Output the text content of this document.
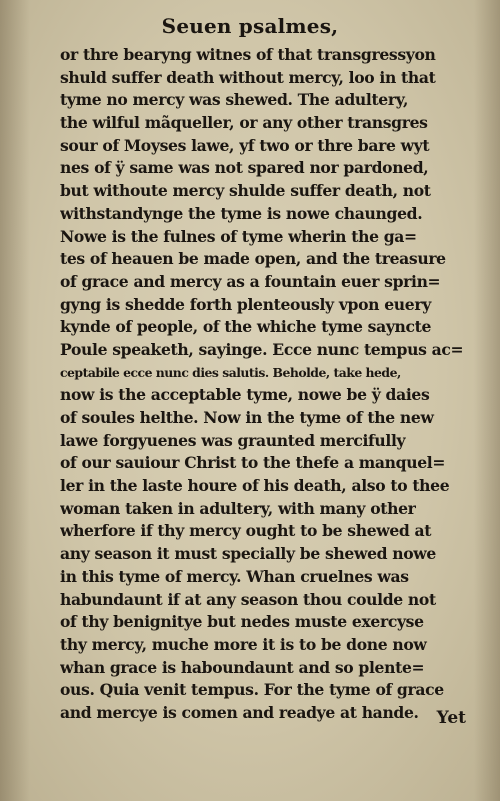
Seuen psalmes,
or thre bearyng witnes of that transgressyon
shuld suffer death without mercy, loo in that
tyme no mercy was shewed. The adultery,
the wilful mãqueller, or any other transgres
sour of Moyses lawe, yf two or thre bare wyt
nes of ÿ same was not spared nor pardoned,
but withoute mercy shulde suffer death, not
withstandynge the tyme is nowe chaunged.
Nowe is the fulnes of tyme wherin the ga=
tes of heauen be made open, and the treasure
of grace and mercy as a fountain euer sprin=
gyng is shedde forth plenteously vpon euery
kynde of people, of the whiche tyme sayncte
Poule speaketh, sayinge. Ecce nunc tempus ac=
ceptabile ecce nunc dies salutis. Beholde, take hede,
now is the acceptable tyme, nowe be ÿ daies
of soules helthe. Now in the tyme of the new
lawe forgyuenes was graunted mercifully
of our sauiour Christ to the thefe a manquel=
ler in the laste houre of his death, also to thee
woman taken in adultery, with many other
wherfore if thy mercy ought to be shewed at
any season it must specially be shewed nowe
in this tyme of mercy. Whan cruelnes was
habundaunt if at any season thou coulde not
of thy benignitye but nedes muste exercyse
thy mercy, muche more it is to be done now
whan grace is haboundaunt and so plente=
ous. Quia venit tempus. For the tyme of grace
and mercye is comen and readye at hande.	Yet
